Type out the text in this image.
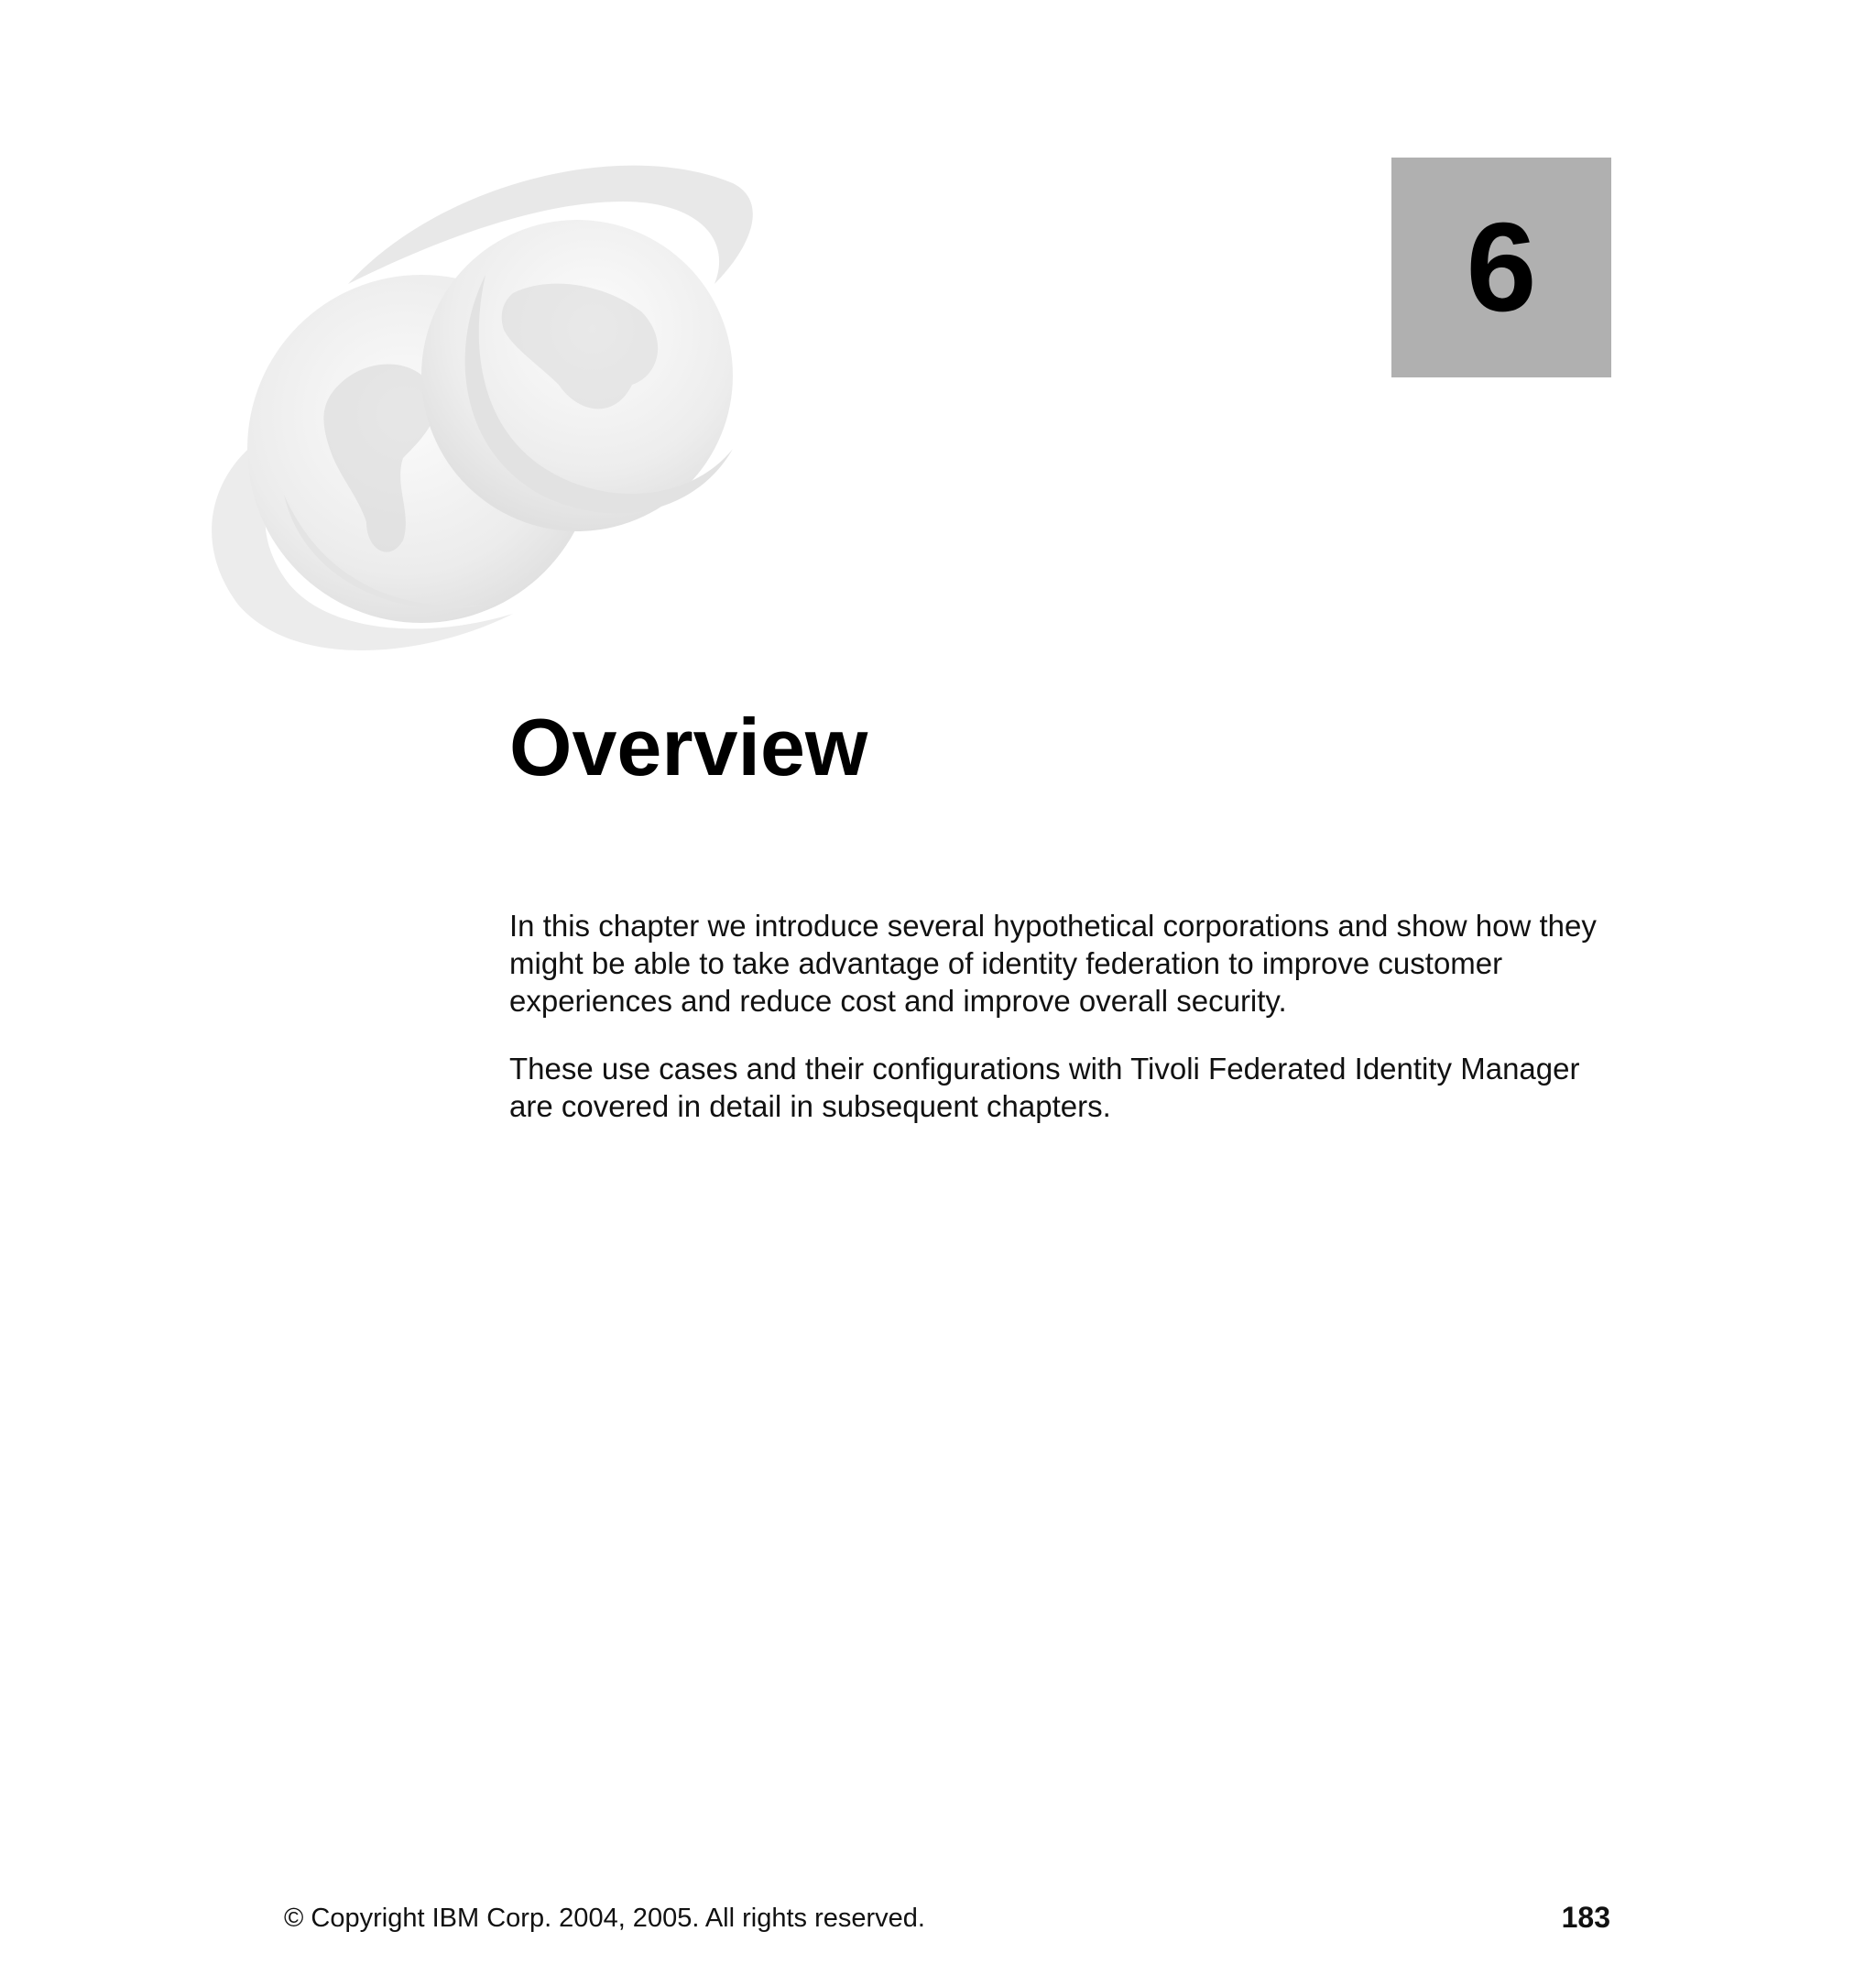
6
Overview

In this chapter we introduce several hypothetical corporations and show how they might be able to take advantage of identity federation to improve customer experiences and reduce cost and improve overall security.

These use cases and their configurations with Tivoli Federated Identity Manager are covered in detail in subsequent chapters.

© Copyright IBM Corp. 2004, 2005. All rights reserved.	183
